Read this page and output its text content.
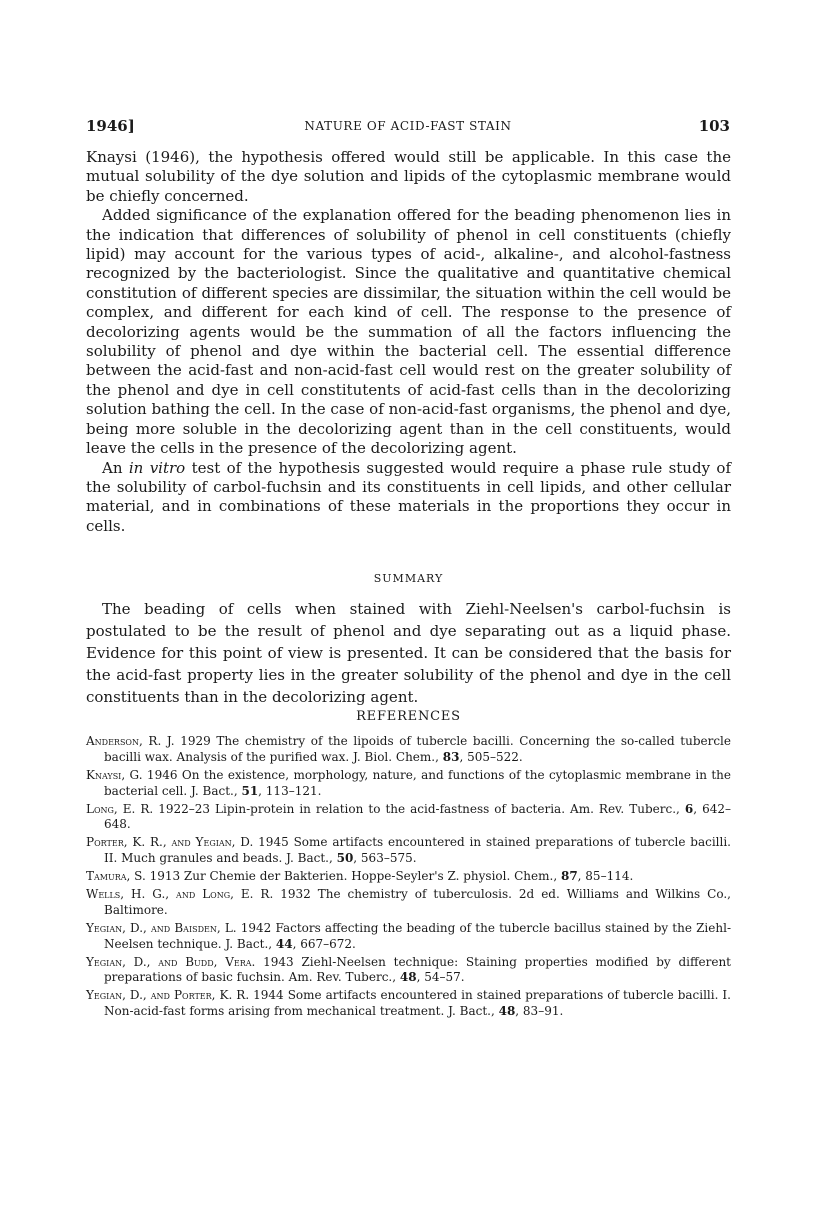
1946]	NATURE OF ACID-FAST STAIN	103

Knaysi (1946), the hypothesis offered would still be applicable. In this case the mutual solubility of the dye solution and lipids of the cytoplasmic membrane would be chiefly concerned.

Added significance of the explanation offered for the beading phenomenon lies in the indication that differences of solubility of phenol in cell constituents (chiefly lipid) may account for the various types of acid-, alkaline-, and alcohol-fastness recognized by the bacteriologist. Since the qualitative and quantitative chemical constitution of different species are dissimilar, the situation within the cell would be complex, and different for each kind of cell. The response to the presence of decolorizing agents would be the summation of all the factors influencing the solubility of phenol and dye within the bacterial cell. The essential difference between the acid-fast and non-acid-fast cell would rest on the greater solubility of the phenol and dye in cell constitutents of acid-fast cells than in the decolorizing solution bathing the cell. In the case of non-acid-fast organisms, the phenol and dye, being more soluble in the decolorizing agent than in the cell constituents, would leave the cells in the presence of the decolorizing agent.

An in vitro test of the hypothesis suggested would require a phase rule study of the solubility of carbol-fuchsin and its constituents in cell lipids, and other cellular material, and in combinations of these materials in the proportions they occur in cells.

SUMMARY
The beading of cells when stained with Ziehl-Neelsen's carbol-fuchsin is postulated to be the result of phenol and dye separating out as a liquid phase. Evidence for this point of view is presented. It can be considered that the basis for the acid-fast property lies in the greater solubility of the phenol and dye in the cell constituents than in the decolorizing agent.
REFERENCES
Anderson, R. J. 1929 The chemistry of the lipoids of tubercle bacilli. Concerning the so-called tubercle bacilli wax. Analysis of the purified wax. J. Biol. Chem., 83, 505–522.
Knaysi, G. 1946 On the existence, morphology, nature, and functions of the cytoplasmic membrane in the bacterial cell. J. Bact., 51, 113–121.
Long, E. R. 1922–23 Lipin-protein in relation to the acid-fastness of bacteria. Am. Rev. Tuberc., 6, 642–648.
Porter, K. R., and Yegian, D. 1945 Some artifacts encountered in stained preparations of tubercle bacilli. II. Much granules and beads. J. Bact., 50, 563–575.
Tamura, S. 1913 Zur Chemie der Bakterien. Hoppe-Seyler's Z. physiol. Chem., 87, 85–114.
Wells, H. G., and Long, E. R. 1932 The chemistry of tuberculosis. 2d ed. Williams and Wilkins Co., Baltimore.
Yegian, D., and Baisden, L. 1942 Factors affecting the beading of the tubercle bacillus stained by the Ziehl-Neelsen technique. J. Bact., 44, 667–672.
Yegian, D., and Budd, Vera. 1943 Ziehl-Neelsen technique: Staining properties modified by different preparations of basic fuchsin. Am. Rev. Tuberc., 48, 54–57.
Yegian, D., and Porter, K. R. 1944 Some artifacts encountered in stained preparations of tubercle bacilli. I. Non-acid-fast forms arising from mechanical treatment. J. Bact., 48, 83–91.
